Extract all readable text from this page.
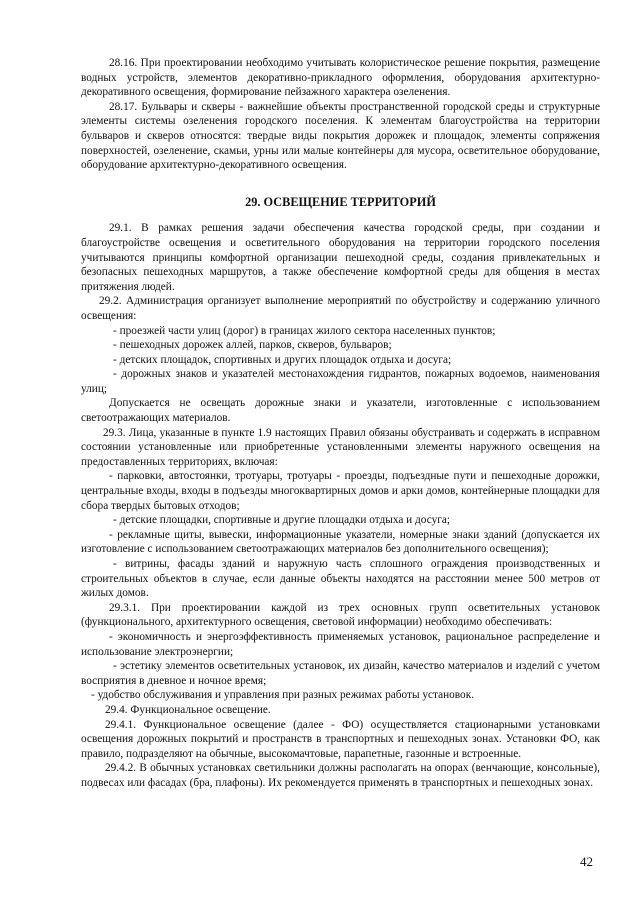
28.16. При проектировании необходимо учитывать колористическое решение покрытия, размещение водных устройств, элементов декоративно-прикладного оформления, оборудования архитектурно-декоративного освещения, формирование пейзажного характера озеленения.

28.17. Бульвары и скверы - важнейшие объекты пространственной городской среды и структурные элементы системы озеленения городского поселения. К элементам благоустройства на территории бульваров и скверов относятся: твердые виды покрытия дорожек и площадок, элементы сопряжения поверхностей, озеленение, скамьи, урны или малые контейнеры для мусора, осветительное оборудование, оборудование архитектурно-декоративного освещения.

29. ОСВЕЩЕНИЕ ТЕРРИТОРИЙ

29.1. В рамках решения задачи обеспечения качества городской среды, при создании и благоустройстве освещения и осветительного оборудования на территории городского поселения учитываются принципы комфортной организации пешеходной среды, создания привлекательных и безопасных пешеходных маршрутов, а также обеспечение комфортной среды для общения в местах притяжения людей.

29.2. Администрация организует выполнение мероприятий по обустройству и содержанию уличного освещения:

- проезжей части улиц (дорог) в границах жилого сектора населенных пунктов;

- пешеходных дорожек аллей, парков, скверов, бульваров;

- детских площадок, спортивных и других площадок отдыха и досуга;

- дорожных знаков и указателей местонахождения гидрантов, пожарных водоемов, наименования улиц;

Допускается не освещать дорожные знаки и указатели, изготовленные с использованием светоотражающих материалов.

29.3. Лица, указанные в пункте 1.9 настоящих Правил обязаны обустраивать и содержать в исправном состоянии установленные или приобретенные установленными элементы наружного освещения на предоставленных территориях, включая:

- парковки, автостоянки, тротуары, тротуары - проезды, подъездные пути и пешеходные дорожки, центральные входы, входы в подъезды многоквартирных домов и арки домов, контейнерные площадки для сбора твердых бытовых отходов;

- детские площадки, спортивные и другие площадки отдыха и досуга;

- рекламные щиты, вывески, информационные указатели, номерные знаки зданий (допускается их изготовление с использованием светоотражающих материалов без дополнительного освещения);

- витрины, фасады зданий и наружную часть сплошного ограждения производственных и строительных объектов в случае, если данные объекты находятся на расстоянии менее 500 метров от жилых домов.

29.3.1. При проектировании каждой из трех основных групп осветительных установок (функционального, архитектурного освещения, световой информации) необходимо обеспечивать:

- экономичность и энергоэффективность применяемых установок, рациональное распределение и использование электроэнергии;

- эстетику элементов осветительных установок, их дизайн, качество материалов и изделий с учетом восприятия в дневное и ночное время;

- удобство обслуживания и управления при разных режимах работы установок.

29.4. Функциональное освещение.

29.4.1. Функциональное освещение (далее - ФО) осуществляется стационарными установками освещения дорожных покрытий и пространств в транспортных и пешеходных зонах. Установки ФО, как правило, подразделяют на обычные, высокомачтовые, парапетные, газонные и встроенные.

29.4.2. В обычных установках светильники должны располагать на опорах (венчающие, консольные), подвесах или фасадах (бра, плафоны). Их рекомендуется применять в транспортных и пешеходных зонах.

42
